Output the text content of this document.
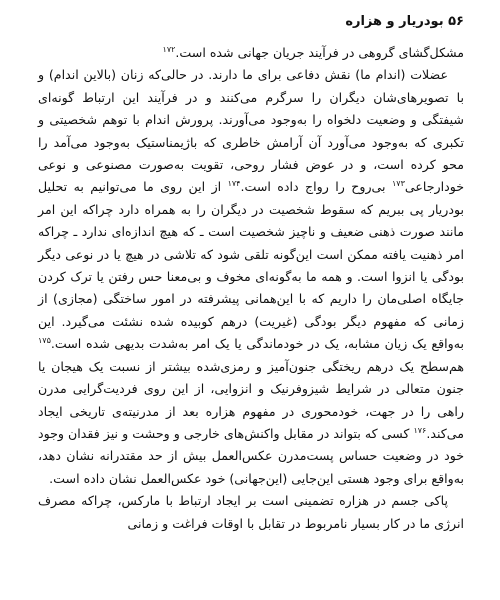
۵۶ بودریار و هزاره

مشکل‌گشای گروهی در فرآیند جریان جهانی شده است.$^{۱۷۲}$

عضلات (اندام ما) نقش دفاعی برای ما دارند. در حالی‌که زنان (بالاین اندام) و با تصویرهای‌شان دیگران را سرگرم می‌کنند و در فرآیند این ارتباط گونه‌ای شیفتگی و وضعیت دلخواه را به‌وجود می‌آورند. پرورش اندام با توهم شخصیتی و تکبری که به‌وجود می‌آورد آن آرامش خاطری که باژیمناستیک به‌وجود می‌آمد را محو کرده است، و در عوض فشار روحی، تقویت به‌صورت مصنوعی و نوعی خودارجاعی$^{۱۷۳}$ بی‌روح را رواج داده است.$^{۱۷۴}$ از این روی ما می‌توانیم به تحلیل بودریار پی ببریم که سقوط شخصیت در دیگران را به همراه دارد چراکه این امر مانند صورت ذهنی ضعیف و ناچیز شخصیت است ـ که هیچ اندازه‌ای ندارد ـ چراکه امر ذهنیت یافته ممکن است این‌گونه تلقی شود که تلاشی در هیچ یا در نوعی دیگر بودگی یا انزوا است. و همه ما به‌گونه‌ای مخوف و بی‌معنا حس رفتن یا ترک کردن جایگاه اصلی‌مان را داریم که با این‌همانی پیشرفته در امور ساختگی (مجازی) از زمانی که مفهوم دیگر بودگی (غیریت) درهم کوبیده شده نشئت می‌گیرد. این به‌واقع یک زیان مشابه، یک در خودماندگی یا یک امر به‌شدت بدیهی شده است.$^{۱۷۵}$ هم‌سطح یک درهم ریختگی جنون‌آمیز و رمزی‌شده بیشتر از نسبت یک هیجان یا جنون متعالی در شرایط شیزوفرنیک و انزوایی، از این روی فردیت‌گرایی مدرن راهی را در جهت، خودمحوری در مفهوم هزاره بعد از مدرنیته‌ی تاریخی ایجاد می‌کند.$^{۱۷۶}$ کسی که بتواند در مقابل واکنش‌های خارجی و وحشت و نیز فقدان وجود خود در وضعیت حساس پست‌مدرن عکس‌العمل بیش از حد مقتدرانه نشان دهد، به‌واقع برای وجود هستی این‌جایی (این‌جهانی) خود عکس‌العمل نشان داده است.

پاکی جسم در هزاره تضمینی است بر ایجاد ارتباط با مارکس، چراکه مصرف انرژی ما در کار بسیار نامربوط در تقابل با اوقات فراغت و زمانی
